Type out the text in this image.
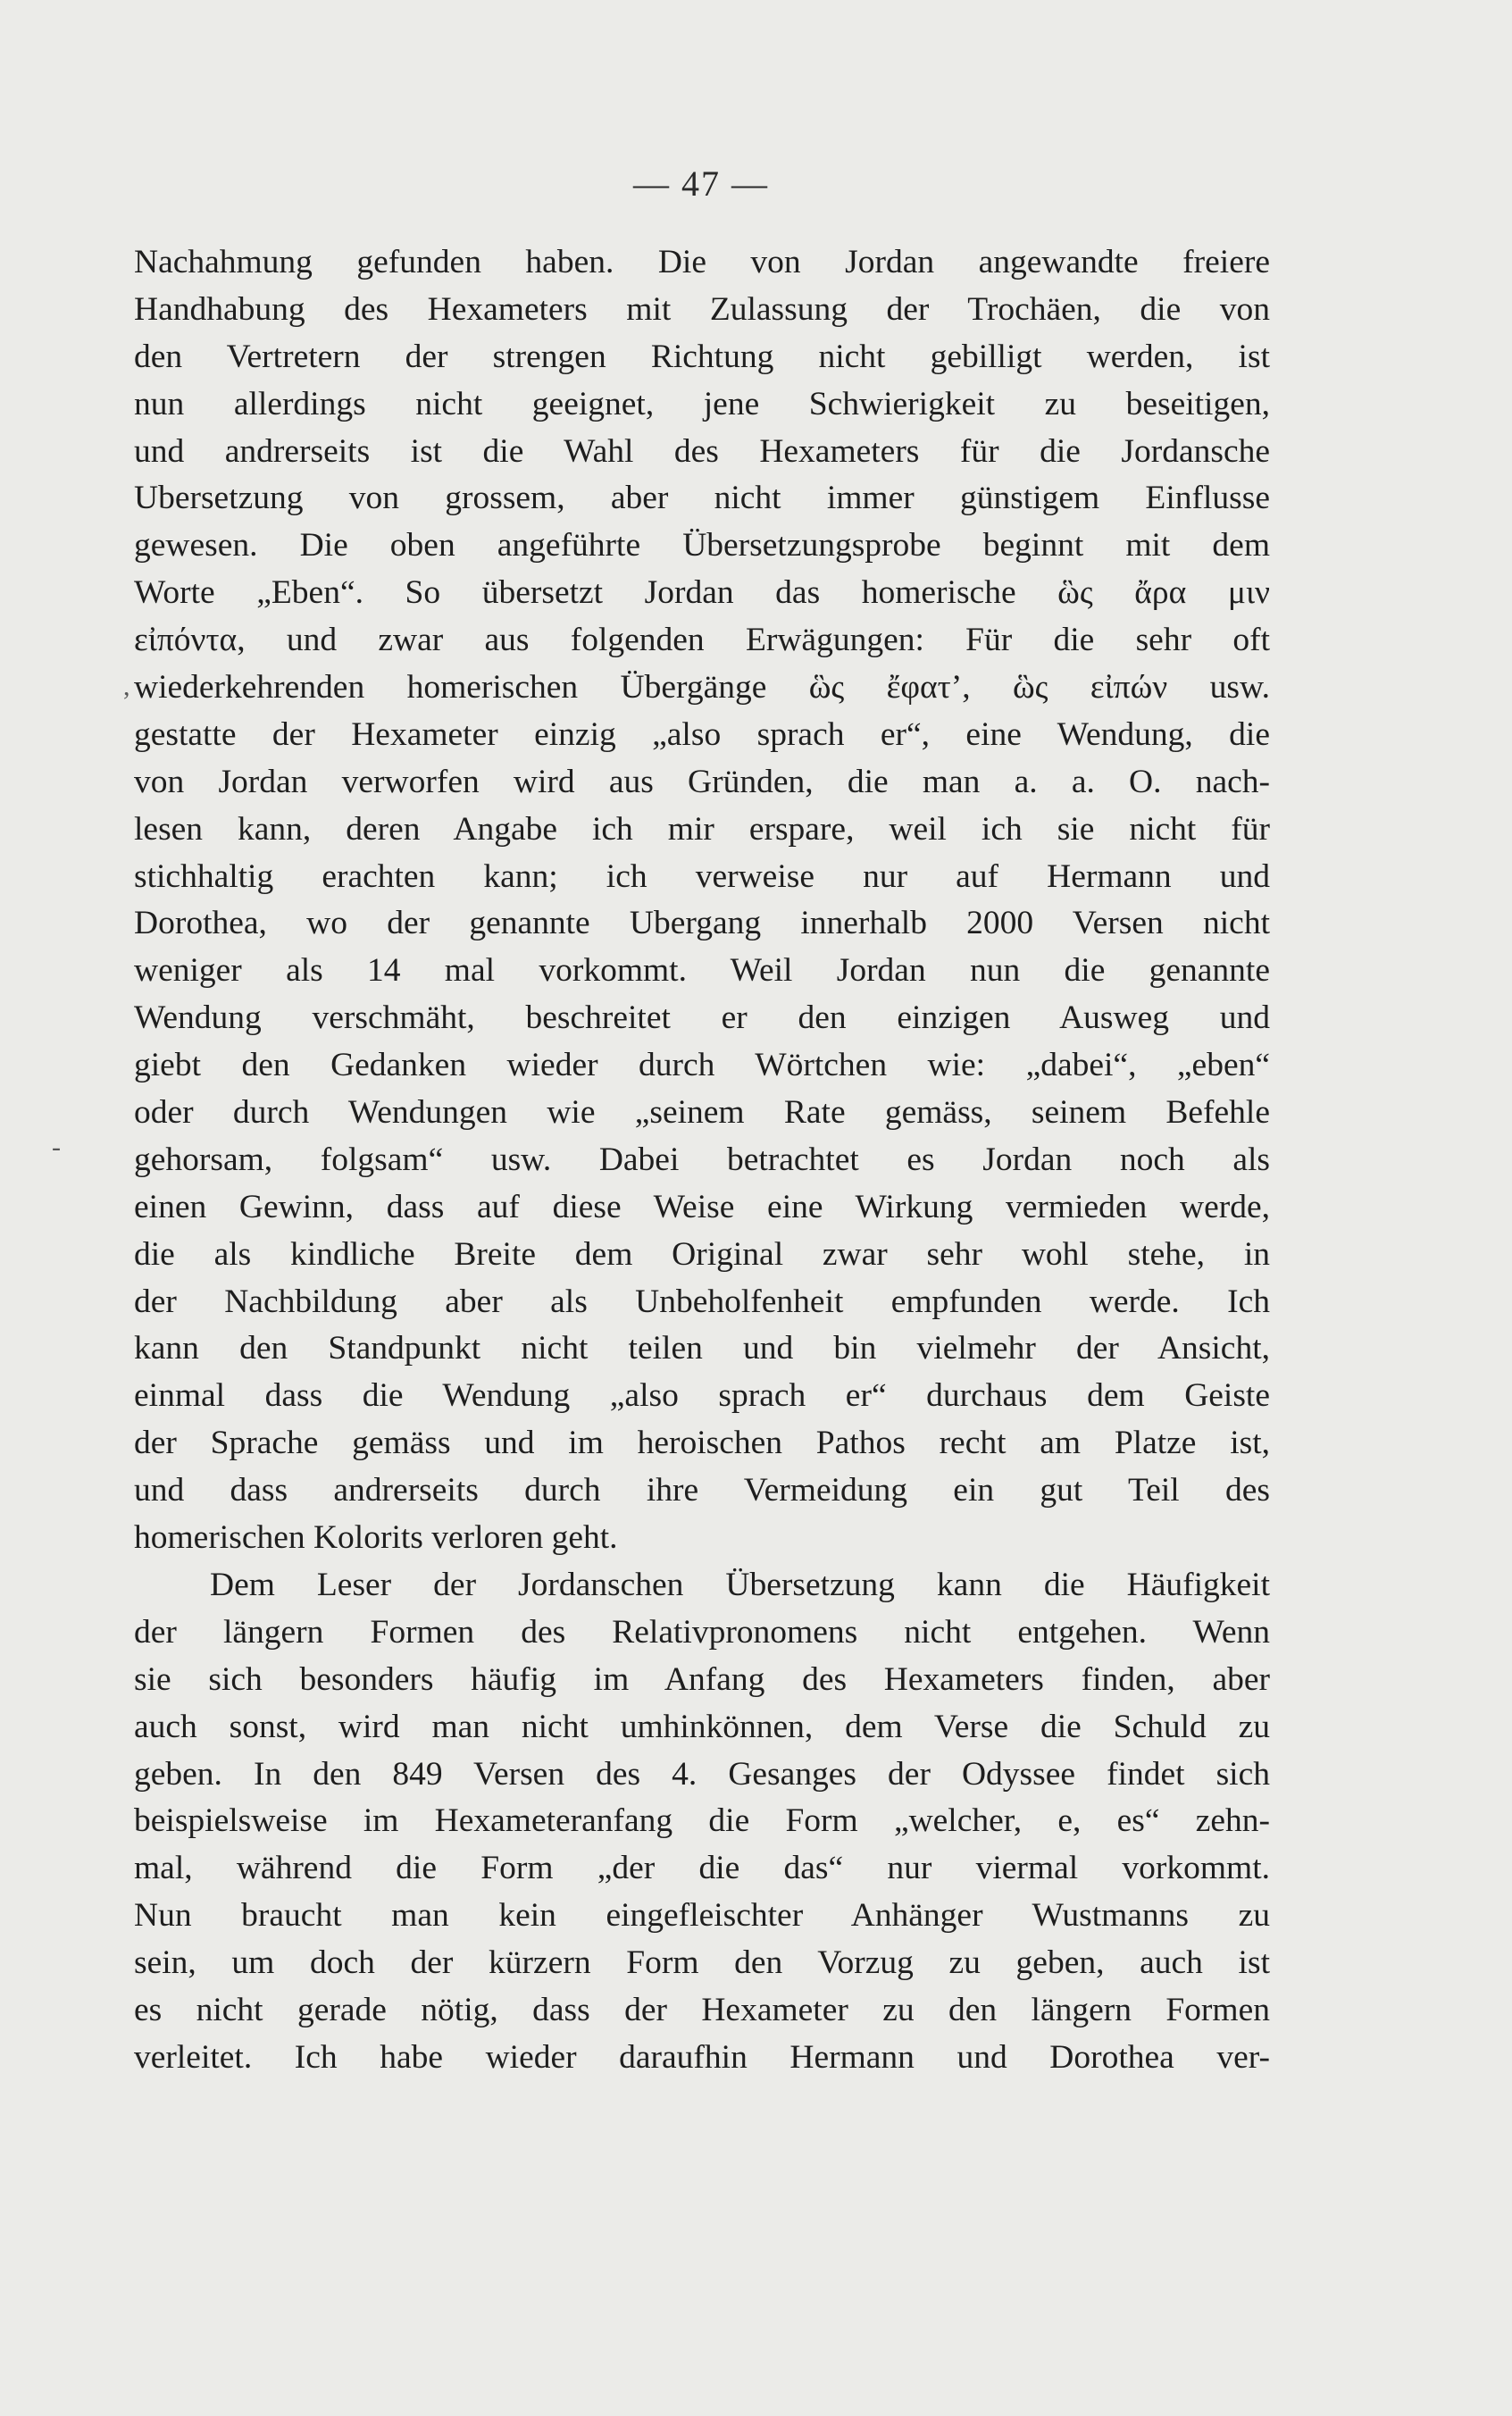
— 47 —
Nachahmung gefunden haben. Die von Jordan angewandte freiere
Handhabung des Hexameters mit Zulassung der Trochäen, die von
den Vertretern der strengen Richtung nicht gebilligt werden, ist
nun allerdings nicht geeignet, jene Schwierigkeit zu beseitigen,
und andrerseits ist die Wahl des Hexameters für die Jordansche
Ubersetzung von grossem, aber nicht immer günstigem Einflusse
gewesen. Die oben angeführte Übersetzungsprobe beginnt mit dem
Worte „Eben“. So übersetzt Jordan das homerische ὣς ἄρα μιν
εἰπόντα, und zwar aus folgenden Erwägungen: Für die sehr oft
wiederkehrenden homerischen Übergänge ὣς ἔφατ’, ὣς εἰπών usw.
gestatte der Hexameter einzig „also sprach er“, eine Wendung, die
von Jordan verworfen wird aus Gründen, die man a. a. O. nach-
lesen kann, deren Angabe ich mir erspare, weil ich sie nicht für
stichhaltig erachten kann; ich verweise nur auf Hermann und
Dorothea, wo der genannte Ubergang innerhalb 2000 Versen nicht
weniger als 14 mal vorkommt. Weil Jordan nun die genannte
Wendung verschmäht, beschreitet er den einzigen Ausweg und
giebt den Gedanken wieder durch Wörtchen wie: „dabei“, „eben“
oder durch Wendungen wie „seinem Rate gemäss, seinem Befehle
gehorsam, folgsam“ usw. Dabei betrachtet es Jordan noch als
einen Gewinn, dass auf diese Weise eine Wirkung vermieden werde,
die als kindliche Breite dem Original zwar sehr wohl stehe, in
der Nachbildung aber als Unbeholfenheit empfunden werde. Ich
kann den Standpunkt nicht teilen und bin vielmehr der Ansicht,
einmal dass die Wendung „also sprach er“ durchaus dem Geiste
der Sprache gemäss und im heroischen Pathos recht am Platze ist,
und dass andrerseits durch ihre Vermeidung ein gut Teil des
homerischen Kolorits verloren geht.
Dem Leser der Jordanschen Übersetzung kann die Häufigkeit
der längern Formen des Relativpronomens nicht entgehen. Wenn
sie sich besonders häufig im Anfang des Hexameters finden, aber
auch sonst, wird man nicht umhinkönnen, dem Verse die Schuld zu
geben. In den 849 Versen des 4. Gesanges der Odyssee findet sich
beispielsweise im Hexameteranfang die Form „welcher, e, es“ zehn-
mal, während die Form „der die das“ nur viermal vorkommt.
Nun braucht man kein eingefleischter Anhänger Wustmanns zu
sein, um doch der kürzern Form den Vorzug zu geben, auch ist
es nicht gerade nötig, dass der Hexameter zu den längern Formen
verleitet. Ich habe wieder daraufhin Hermann und Dorothea ver-
,
-
